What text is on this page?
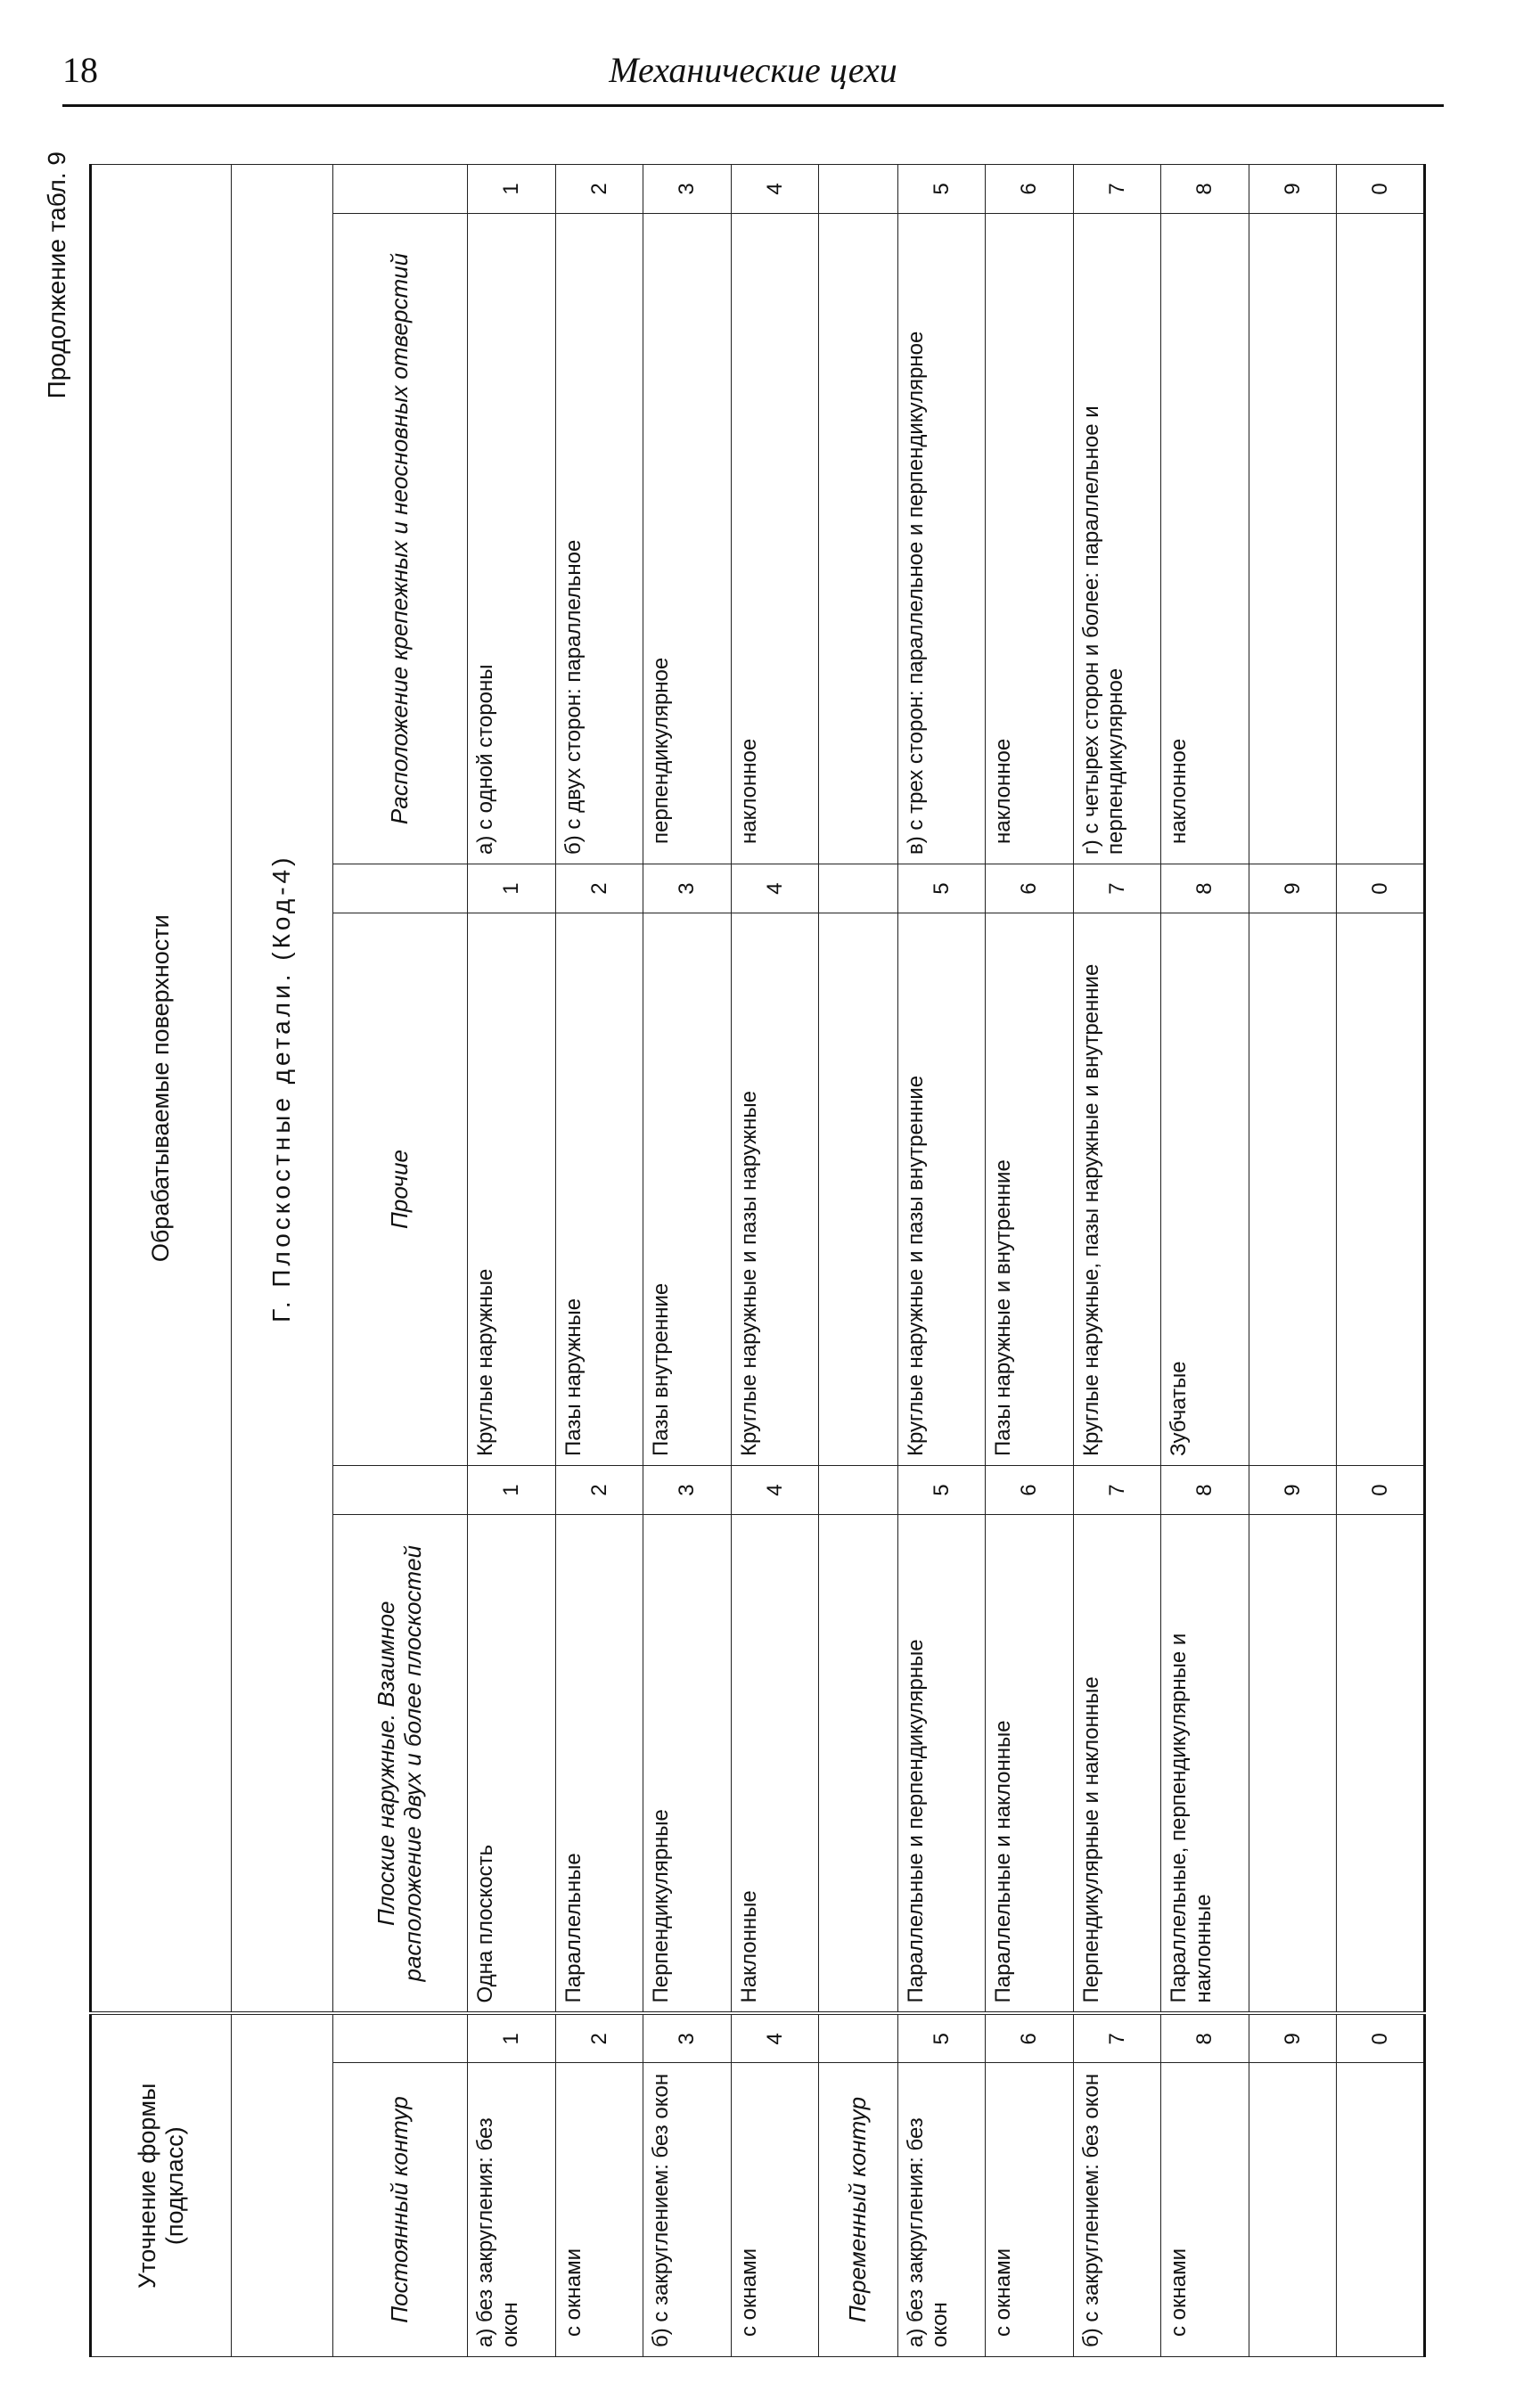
18	Механические цехи
Продолжение табл. 9
Уточнение формы (подкласс)		Обрабатываемые поверхности					
		Г. Плоскостные детали. (Код-4)					
Постоянный контур		Плоские наружные. Взаимное расположение двух и более плоскостей		Прочие		Расположение крепежных и неосновных отверстий	
а) без закругления: без окон	1	Одна плоскость	1	Круглые наружные	1	а) с одной стороны	1
с окнами	2	Параллельные	2	Пазы наружные	2	б) с двух сторон: параллельное	2
б) с закруглением: без окон	3	Перпендикулярные	3	Пазы внутренние	3	перпендикулярное	3
с окнами	4	Наклонные	4	Круглые наружные и пазы наружные	4	наклонное	4
Переменный контур							
а) без закругления: без окон	5	Параллельные и перпендикулярные	5	Круглые наружные и пазы внутренние	5	в) с трех сторон: параллельное и перпендикулярное	5
с окнами	6	Параллельные и наклонные	6	Пазы наружные и внутренние	6	наклонное	6
б) с закруглением: без окон	7	Перпендикулярные и наклонные	7	Круглые наружные, пазы наружные и внутренние	7	г) с четырех сторон и более: параллельное и перпендикулярное	7
с окнами	8	Параллельные, перпендикулярные и наклонные	8	Зубчатые	8	наклонное	8
	9		9		9		9
	0		0		0		0
